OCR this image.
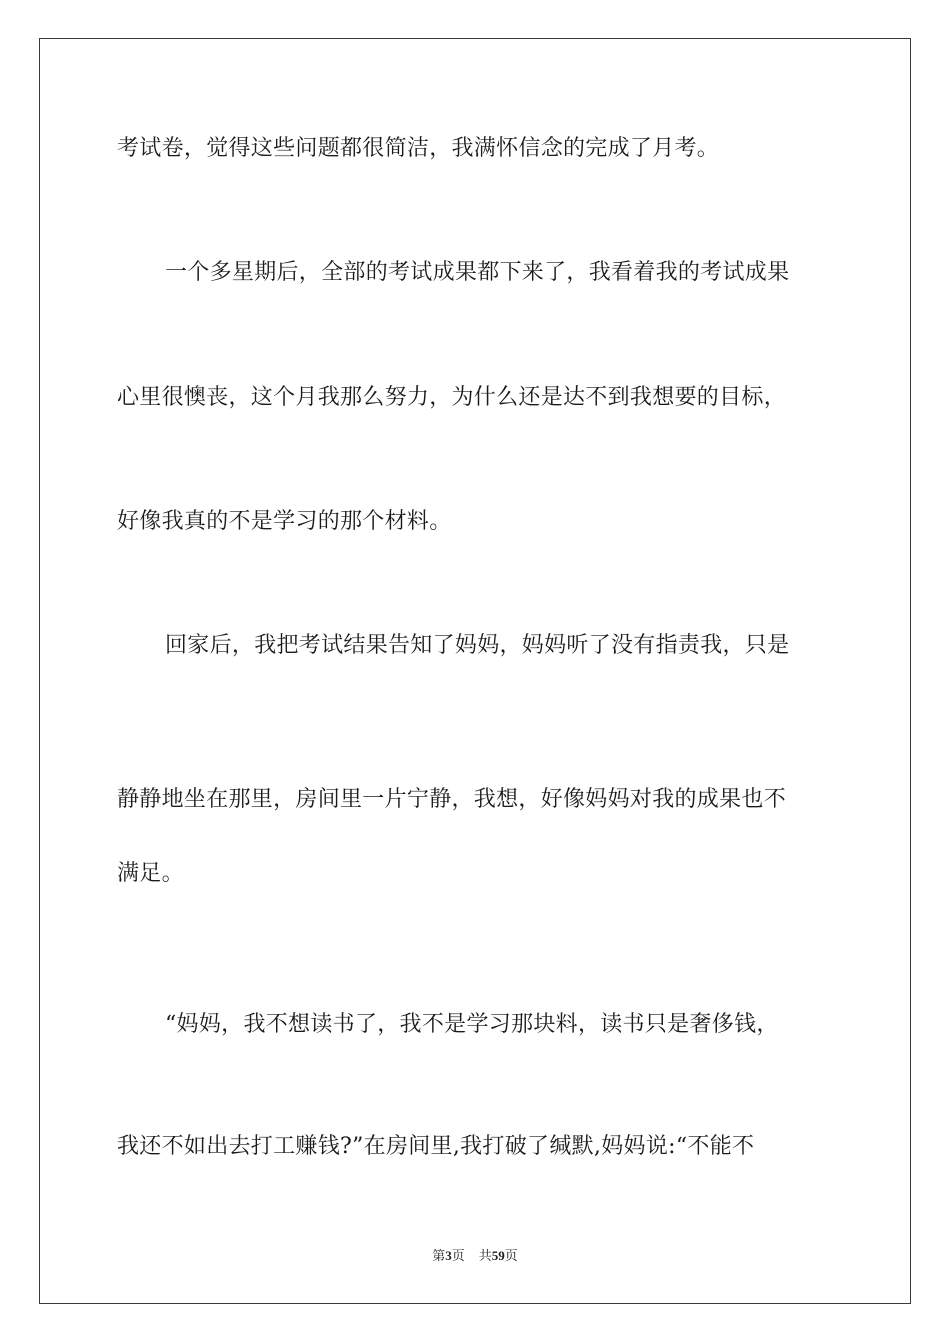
考试卷，觉得这些问题都很简洁，我满怀信念的完成了月考。
一个多星期后，全部的考试成果都下来了，我看着我的考试成果
心里很懊丧，这个月我那么努力，为什么还是达不到我想要的目标，
好像我真的不是学习的那个材料。
回家后，我把考试结果告知了妈妈，妈妈听了没有指责我，只是
静静地坐在那里，房间里一片宁静，我想，好像妈妈对我的成果也不
满足。
“妈妈，我不想读书了，我不是学习那块料，读书只是奢侈钱，
我还不如出去打工赚钱?”在房间里,我打破了缄默,妈妈说:“不能不
第3页 共59页
